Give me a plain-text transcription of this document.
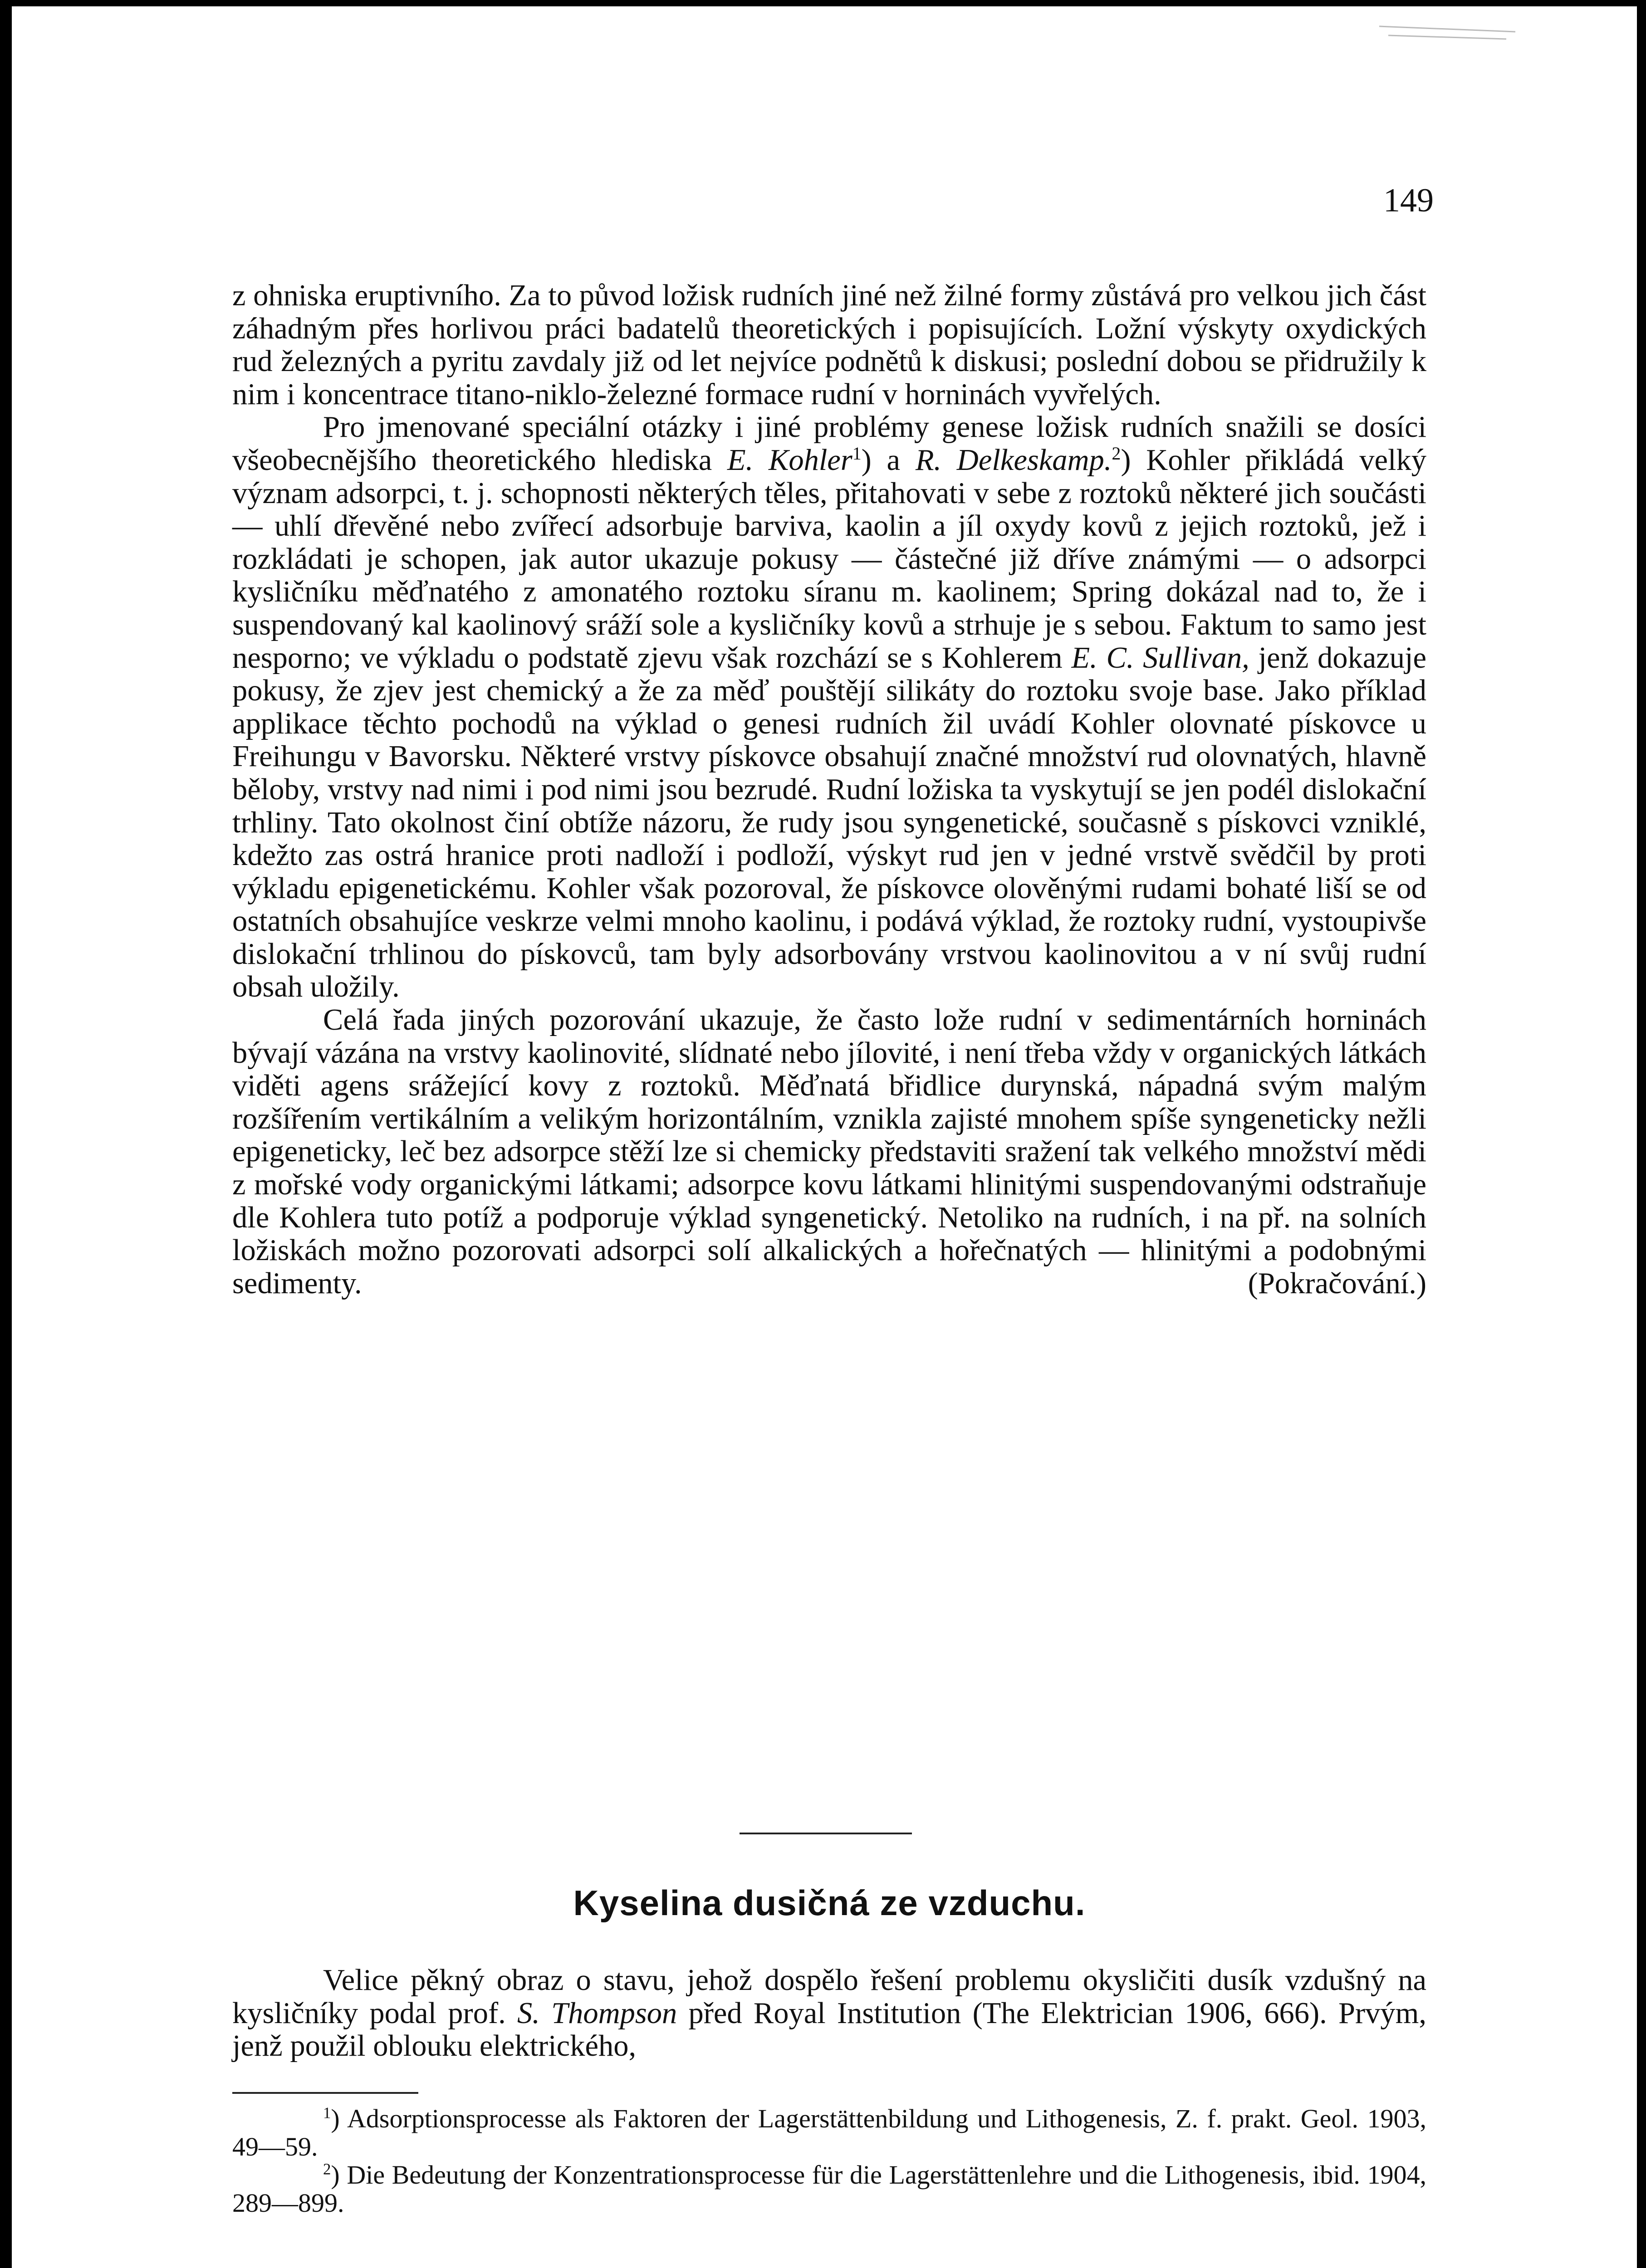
149

z ohniska eruptivního. Za to původ ložisk rudních jiné než žilné formy zůstává pro velkou jich část záhadným přes horlivou práci badatelů theoretických i popisujících. Ložní výskyty oxydických rud železných a pyritu zavdaly již od let nejvíce podnětů k diskusi; poslední dobou se přidružily k nim i koncentrace titano-niklo-železné formace rudní v horninách vyvřelých.

Pro jmenované speciální otázky i jiné problémy genese ložisk rudních snažili se dosíci všeobecnějšího theoretického hlediska E. Kohler$^1$) a R. Delkeskamp.$^2$) Kohler přikládá velký význam adsorpci, t. j. schopnosti některých těles, přitahovati v sebe z roztoků některé jich součásti — uhlí dřevěné nebo zvířecí adsorbuje barviva, kaolin a jíl oxydy kovů z jejich roztoků, jež i rozkládati je schopen, jak autor ukazuje pokusy — částečné již dříve známými — o adsorpci kysličníku měďnatého z amonatého roztoku síranu m. kaolinem; Spring dokázal nad to, že i suspendovaný kal kaolinový sráží sole a kysličníky kovů a strhuje je s sebou. Faktum to samo jest nesporno; ve výkladu o podstatě zjevu však rozchází se s Kohlerem E. C. Sullivan, jenž dokazuje pokusy, že zjev jest chemický a že za měď pouštějí silikáty do roztoku svoje base. Jako příklad applikace těchto pochodů na výklad o genesi rudních žil uvádí Kohler olovnaté pískovce u Freihungu v Bavorsku. Některé vrstvy pískovce obsahují značné množství rud olovnatých, hlavně běloby, vrstvy nad nimi i pod nimi jsou bezrudé. Rudní ložiska ta vyskytují se jen podél dislokační trhliny. Tato okolnost činí obtíže názoru, že rudy jsou syngenetické, současně s pískovci vzniklé, kdežto zas ostrá hranice proti nadloží i podloží, výskyt rud jen v jedné vrstvě svědčil by proti výkladu epigenetickému. Kohler však pozoroval, že pískovce olověnými rudami bohaté liší se od ostatních obsahujíce veskrze velmi mnoho kaolinu, i podává výklad, že roztoky rudní, vystoupivše dislokační trhlinou do pískovců, tam byly adsorbovány vrstvou kaolinovitou a v ní svůj rudní obsah uložily.

Celá řada jiných pozorování ukazuje, že často lože rudní v sedimentárních horninách bývají vázána na vrstvy kaolinovité, slídnaté nebo jílovité, i není třeba vždy v organických látkách viděti agens srážející kovy z roztoků. Měďnatá břidlice durynská, nápadná svým malým rozšířením vertikálním a velikým horizontálním, vznikla zajisté mnohem spíše syngeneticky nežli epigeneticky, leč bez adsorpce stěží lze si chemicky představiti sražení tak velkého množství mědi z mořské vody organickými látkami; adsorpce kovu látkami hlinitými suspendovanými odstraňuje dle Kohlera tuto potíž a podporuje výklad syngenetický. Netoliko na rudních, i na př. na solních ložiskách možno pozorovati adsorpci solí alkalických a hořečnatých — hlinitými a podobnými sedimenty.	(Pokračování.)
Kyselina dusičná ze vzduchu.

Velice pěkný obraz o stavu, jehož dospělo řešení problemu okysličiti dusík vzdušný na kysličníky podal prof. S. Thompson před Royal Institution (The Elektrician 1906, 666). Prvým, jenž použil oblouku elektrického,

$^1$) Adsorptionsprocesse als Faktoren der Lagerstättenbildung und Lithogenesis, Z. f. prakt. Geol. 1903, 49—59.

$^2$) Die Bedeutung der Konzentrationsprocesse für die Lagerstättenlehre und die Lithogenesis, ibid. 1904, 289—899.
